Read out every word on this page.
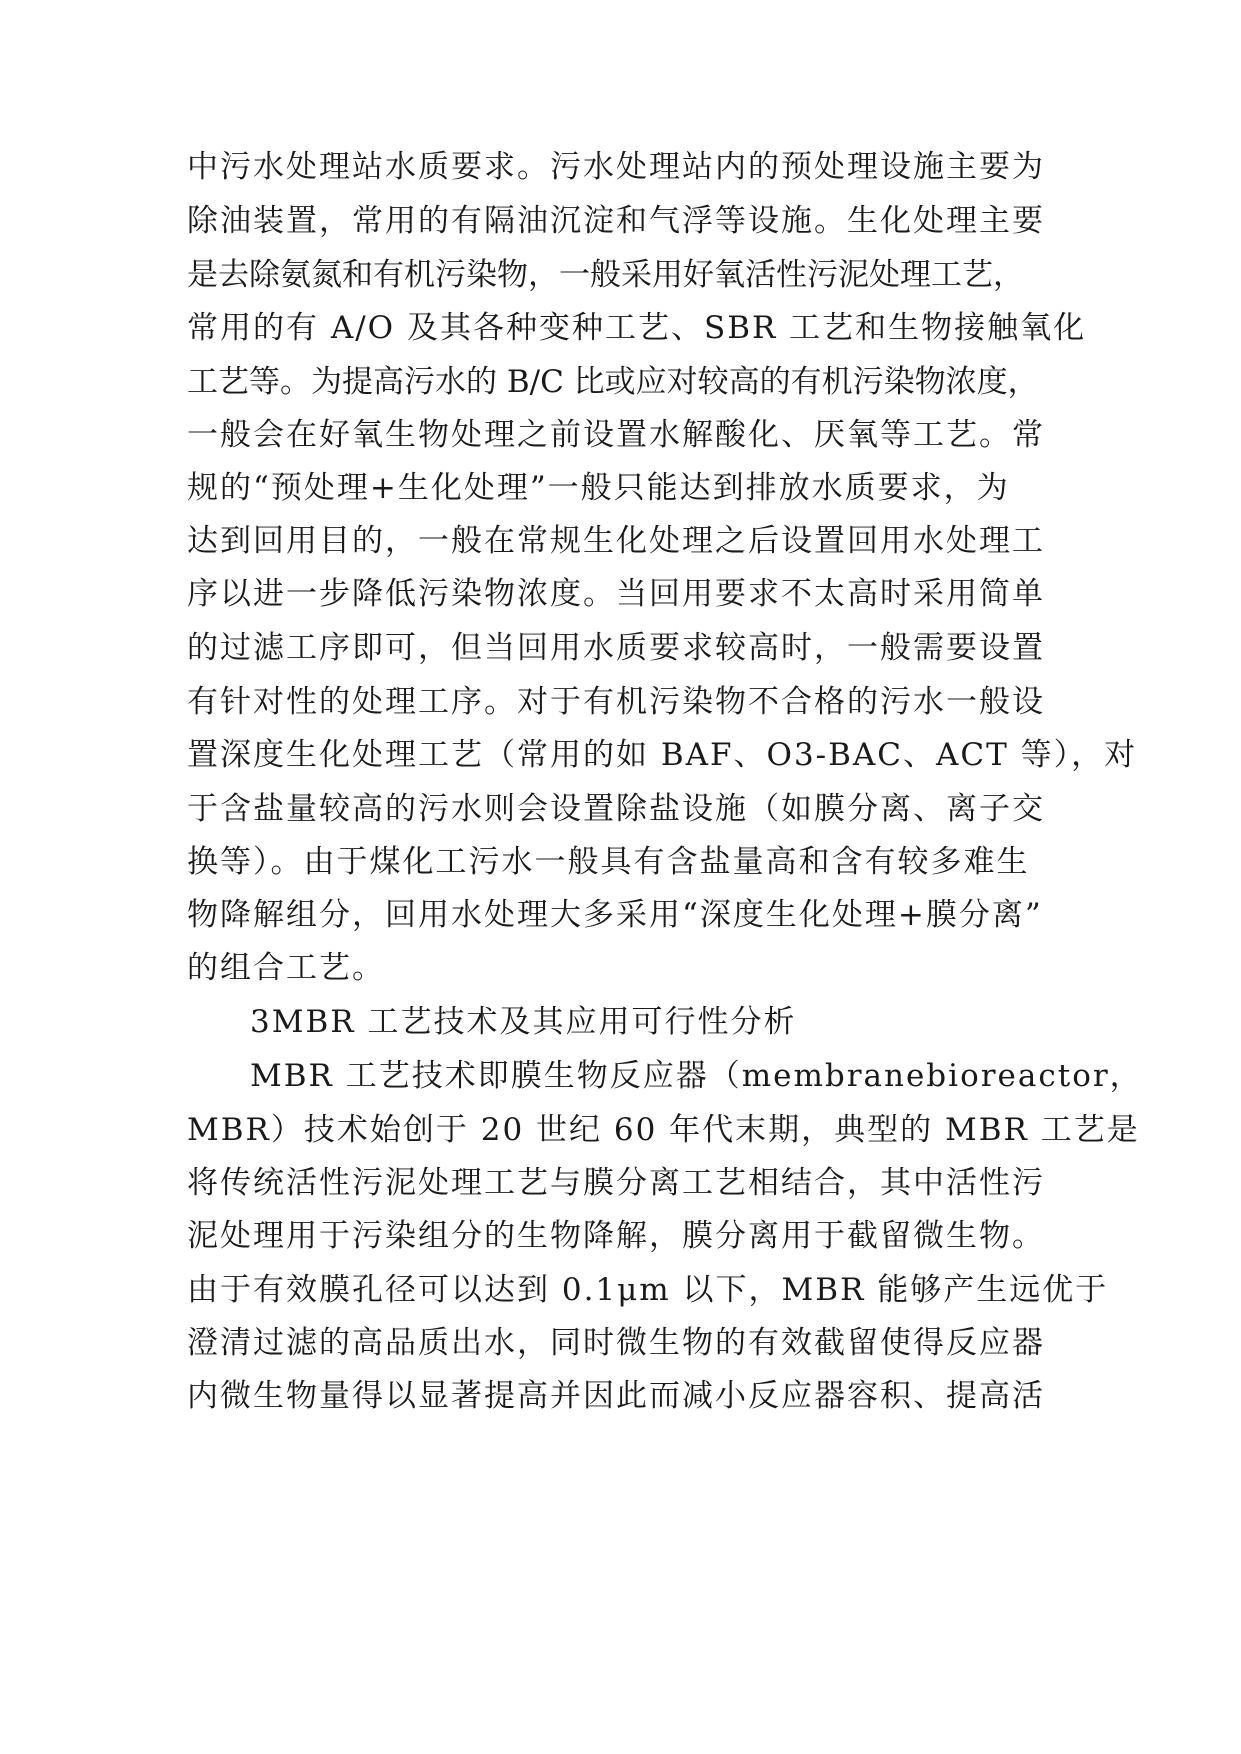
中污水处理站水质要求。污水处理站内的预处理设施主要为
除油装置，常用的有隔油沉淀和气浮等设施。生化处理主要
是去除氨氮和有机污染物，一般采用好氧活性污泥处理工艺，
常用的有 A/O 及其各种变种工艺、SBR 工艺和生物接触氧化
工艺等。为提高污水的 B/C 比或应对较高的有机污染物浓度，
一般会在好氧生物处理之前设置水解酸化、厌氧等工艺。常
规的“预处理+生化处理”一般只能达到排放水质要求，为
达到回用目的，一般在常规生化处理之后设置回用水处理工
序以进一步降低污染物浓度。当回用要求不太高时采用简单
的过滤工序即可，但当回用水质要求较高时，一般需要设置
有针对性的处理工序。对于有机污染物不合格的污水一般设
置深度生化处理工艺（常用的如 BAF、O3-BAC、ACT 等），对
于含盐量较高的污水则会设置除盐设施（如膜分离、离子交
换等）。由于煤化工污水一般具有含盐量高和含有较多难生
物降解组分，回用水处理大多采用“深度生化处理+膜分离”
的组合工艺。
3MBR 工艺技术及其应用可行性分析
MBR 工艺技术即膜生物反应器（membranebioreactor，
MBR）技术始创于 20 世纪 60 年代末期，典型的 MBR 工艺是
将传统活性污泥处理工艺与膜分离工艺相结合，其中活性污
泥处理用于污染组分的生物降解，膜分离用于截留微生物。
由于有效膜孔径可以达到 0.1μm 以下，MBR 能够产生远优于
澄清过滤的高品质出水，同时微生物的有效截留使得反应器
内微生物量得以显著提高并因此而减小反应器容积、提高活
